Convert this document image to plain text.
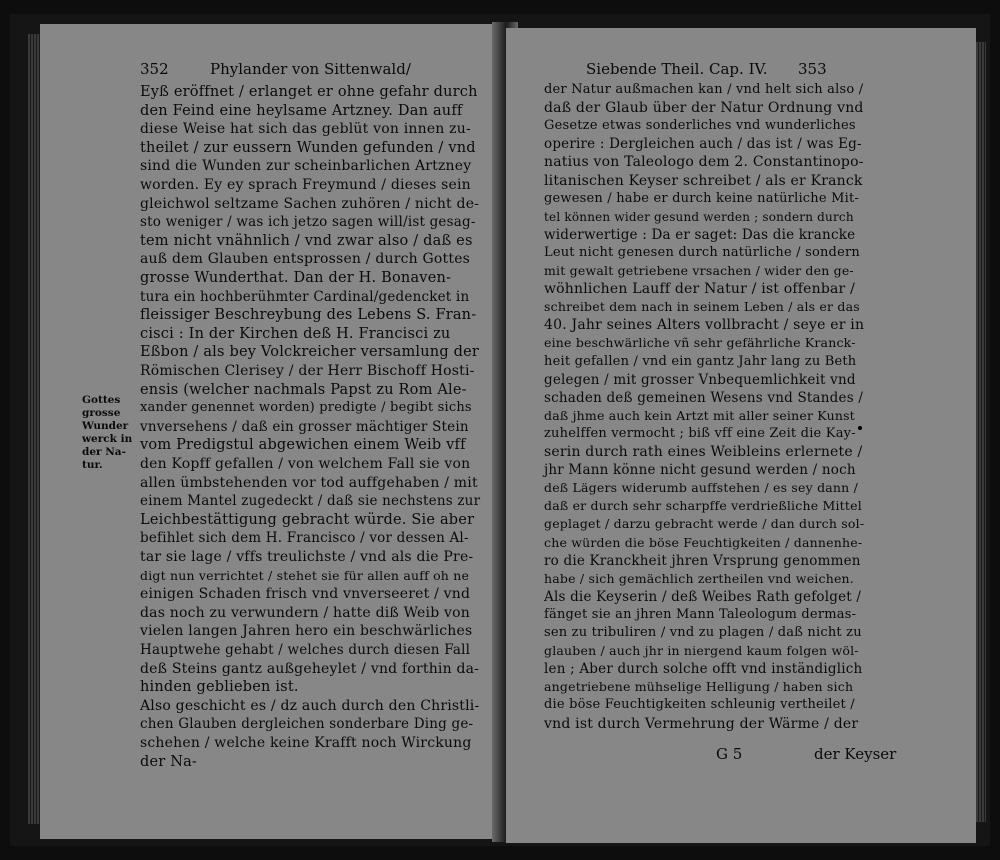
352	Phylander von Sittenwald/
Gottes
grosse
Wunder
werck in
der Na-
tur.
Eyß eröffnet / erlanget er ohne gefahr durch
den Feind eine heylsame Artzney. Dan auff
diese Weise hat sich das geblüt von innen zu-
theilet / zur eussern Wunden gefunden / vnd
sind die Wunden zur scheinbarlichen Artzney
worden. Ey ey sprach Freymund / dieses sein
gleichwol seltzame Sachen zuhören / nicht de-
sto weniger / was ich jetzo sagen will/ist gesag-
tem nicht vnähnlich / vnd zwar also / daß es
auß dem Glauben entsprossen / durch Gottes
grosse Wunderthat. Dan der H. Bonaven-
tura ein hochberühmter Cardinal/gedencket in
fleissiger Beschreybung des Lebens S. Fran-
cisci : In der Kirchen deß H. Francisci zu
Eßbon / als bey Volckreicher versamlung der
Römischen Clerisey / der Herr Bischoff Hosti-
ensis (welcher nachmals Papst zu Rom Ale-
xander genennet worden) predigte / begibt sichs
vnversehens / daß ein grosser mächtiger Stein
vom Predigstul abgewichen einem Weib vff
den Kopff gefallen / von welchem Fall sie von
allen ümbstehenden vor tod auffgehaben / mit
einem Mantel zugedeckt / daß sie nechstens zur
Leichbestättigung gebracht würde. Sie aber
befihlet sich dem H. Francisco / vor dessen Al-
tar sie lage / vffs treulichste / vnd als die Pre-
digt nun verrichtet / stehet sie für allen auff oh ne
einigen Schaden frisch vnd vnverseeret / vnd
das noch zu verwundern / hatte diß Weib von
vielen langen Jahren hero ein beschwärliches
Hauptwehe gehabt / welches durch diesen Fall
deß Steins gantz außgeheylet / vnd forthin da-
hinden geblieben ist.
Also geschicht es / dz auch durch den Christli-
chen Glauben dergleichen sonderbare Ding ge-
schehen / welche keine Krafft noch Wirckung
der Na-
Siebende Theil. Cap. IV. 353
der Natur außmachen kan / vnd helt sich also /
daß der Glaub über der Natur Ordnung vnd
Gesetze etwas sonderliches vnd wunderliches
operire : Dergleichen auch / das ist / was Eg-
natius von Taleologo dem 2. Constantinopo-
litanischen Keyser schreibet / als er Kranck
gewesen / habe er durch keine natürliche Mit-
tel können wider gesund werden ; sondern durch
widerwertige : Da er saget: Das die krancke
Leut nicht genesen durch natürliche / sondern
mit gewalt getriebene vrsachen / wider den ge-
wöhnlichen Lauff der Natur / ist offenbar /
schreibet dem nach in seinem Leben / als er das
40. Jahr seines Alters vollbracht / seye er in
eine beschwärliche vñ sehr gefährliche Kranck-
heit gefallen / vnd ein gantz Jahr lang zu Beth
gelegen / mit grosser Vnbequemlichkeit vnd
schaden deß gemeinen Wesens vnd Standes /
daß jhme auch kein Artzt mit aller seiner Kunst
zuhelffen vermocht ; biß vff eine Zeit die Kay-
serin durch rath eines Weibleins erlernete /
jhr Mann könne nicht gesund werden / noch
deß Lägers widerumb auffstehen / es sey dann /
daß er durch sehr scharpffe verdrießliche Mittel
geplaget / darzu gebracht werde / dan durch sol-
che würden die böse Feuchtigkeiten / dannenhe-
ro die Kranckheit jhren Vrsprung genommen
habe / sich gemächlich zertheilen vnd weichen.
Als die Keyserin / deß Weibes Rath gefolget /
fänget sie an jhren Mann Taleologum dermas-
sen zu tribuliren / vnd zu plagen / daß nicht zu
glauben / auch jhr in niergend kaum folgen wöl-
len ; Aber durch solche offt vnd inständiglich
angetriebene mühselige Helligung / haben sich
die böse Feuchtigkeiten schleunig vertheilet /
vnd ist durch Vermehrung der Wärme / der
G 5	der Keyser
